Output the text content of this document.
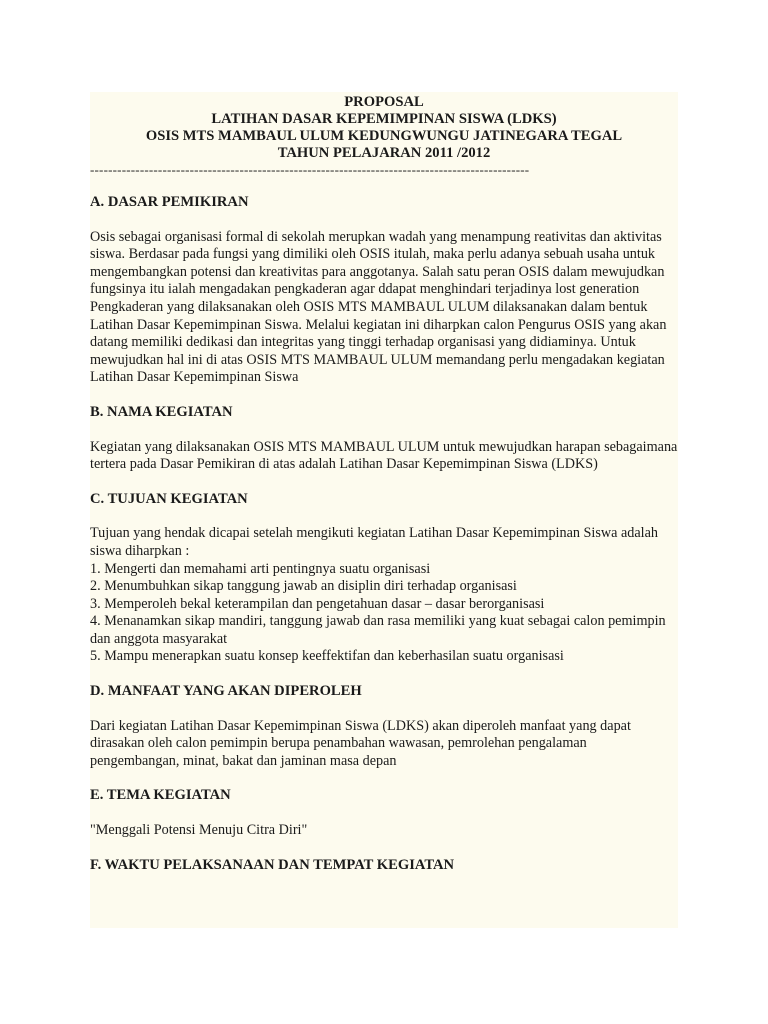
PROPOSAL
LATIHAN DASAR KEPEMIMPINAN SISWA (LDKS)
OSIS MTS MAMBAUL ULUM KEDUNGWUNGU JATINEGARA TEGAL
TAHUN PELAJARAN 2011 /2012
-------------------------------------------------------------------------------------------------
A. DASAR PEMIKIRAN

Osis sebagai organisasi formal di sekolah merupkan wadah yang menampung reativitas dan aktivitas siswa. Berdasar pada fungsi yang dimiliki oleh OSIS itulah, maka perlu adanya sebuah usaha untuk mengembangkan potensi dan kreativitas para anggotanya. Salah satu peran OSIS dalam mewujudkan fungsinya itu ialah mengadakan pengkaderan agar ddapat menghindari terjadinya lost generation

Pengkaderan yang dilaksanakan oleh OSIS MTS MAMBAUL ULUM dilaksanakan dalam bentuk Latihan Dasar Kepemimpinan Siswa. Melalui kegiatan ini diharpkan calon Pengurus OSIS yang akan datang memiliki dedikasi dan integritas yang tinggi terhadap organisasi yang didiaminya. Untuk mewujudkan hal ini di atas OSIS MTS MAMBAUL ULUM memandang perlu mengadakan kegiatan Latihan Dasar Kepemimpinan Siswa

B. NAMA KEGIATAN

Kegiatan yang dilaksanakan OSIS MTS MAMBAUL ULUM untuk mewujudkan harapan sebagaimana tertera pada Dasar Pemikiran di atas adalah Latihan Dasar Kepemimpinan Siswa (LDKS)

C. TUJUAN KEGIATAN

Tujuan yang hendak dicapai setelah mengikuti kegiatan Latihan Dasar Kepemimpinan Siswa adalah siswa diharpkan :

1. Mengerti dan memahami arti pentingnya suatu organisasi
2. Menumbuhkan sikap tanggung jawab an disiplin diri terhadap organisasi
3. Memperoleh bekal keterampilan dan pengetahuan dasar – dasar berorganisasi
4. Menanamkan sikap mandiri, tanggung jawab dan rasa memiliki yang kuat sebagai calon pemimpin dan anggota masyarakat
5. Mampu menerapkan suatu konsep keeffektifan dan keberhasilan suatu organisasi
D. MANFAAT YANG AKAN DIPEROLEH

Dari kegiatan Latihan Dasar Kepemimpinan Siswa (LDKS) akan diperoleh manfaat yang dapat dirasakan oleh calon pemimpin berupa penambahan wawasan, pemrolehan pengalaman pengembangan, minat, bakat dan jaminan masa depan

E. TEMA KEGIATAN

"Menggali Potensi Menuju Citra Diri"

F. WAKTU PELAKSANAAN DAN TEMPAT KEGIATAN
